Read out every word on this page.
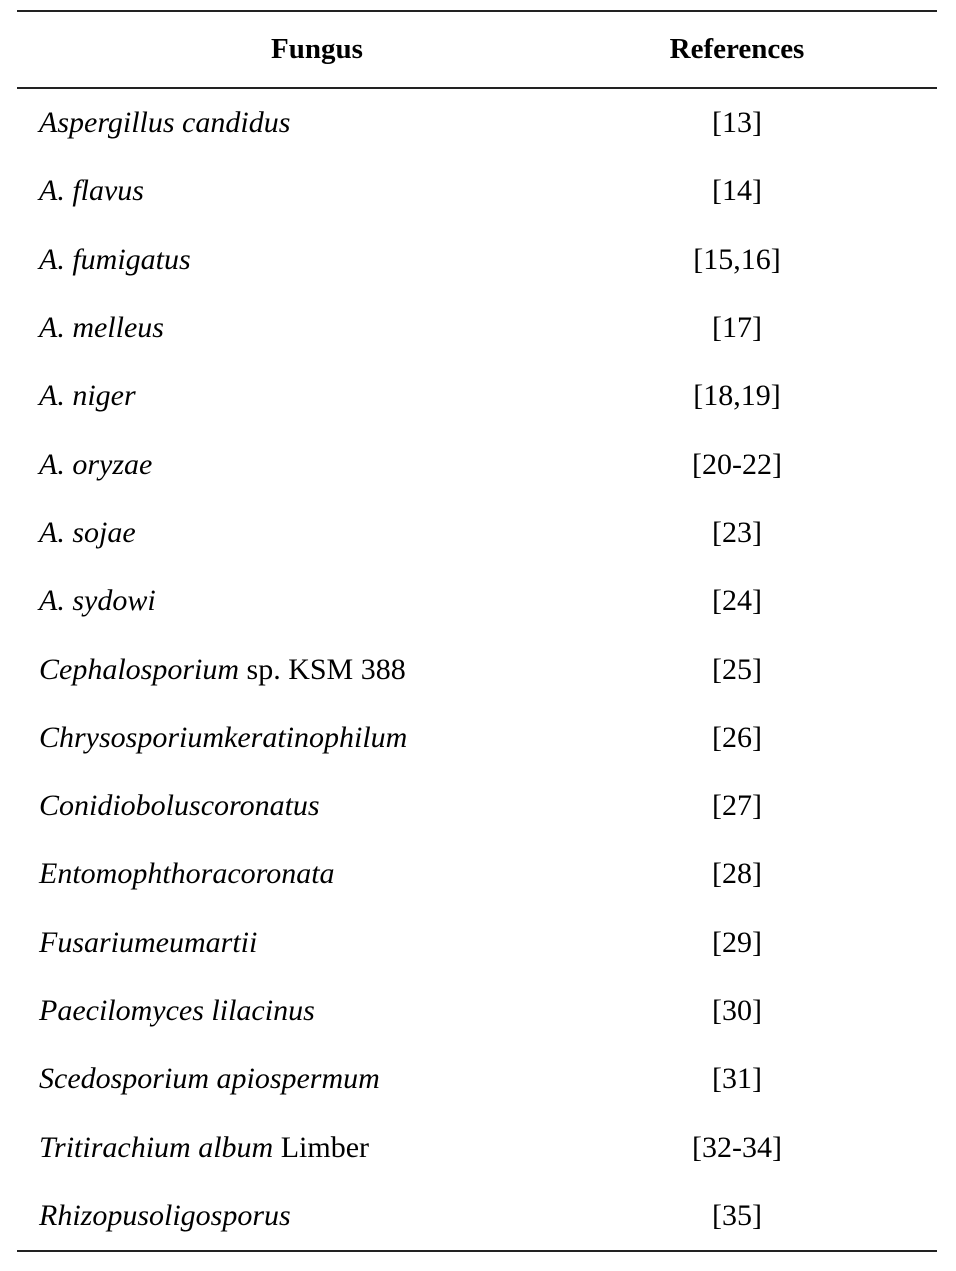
Fungus	References
Aspergillus candidus	[13]
A. flavus	[14]
A. fumigatus	[15,16]
A. melleus	[17]
A. niger	[18,19]
A. oryzae	[20-22]
A. sojae	[23]
A. sydowi	[24]
Cephalosporium sp. KSM 388	[25]
Chrysosporiumkeratinophilum	[26]
Conidioboluscoronatus	[27]
Entomophthoracoronata	[28]
Fusariumeumartii	[29]
Paecilomyces lilacinus	[30]
Scedosporium apiospermum	[31]
Tritirachium album Limber	[32-34]
Rhizopusoligosporus	[35]
